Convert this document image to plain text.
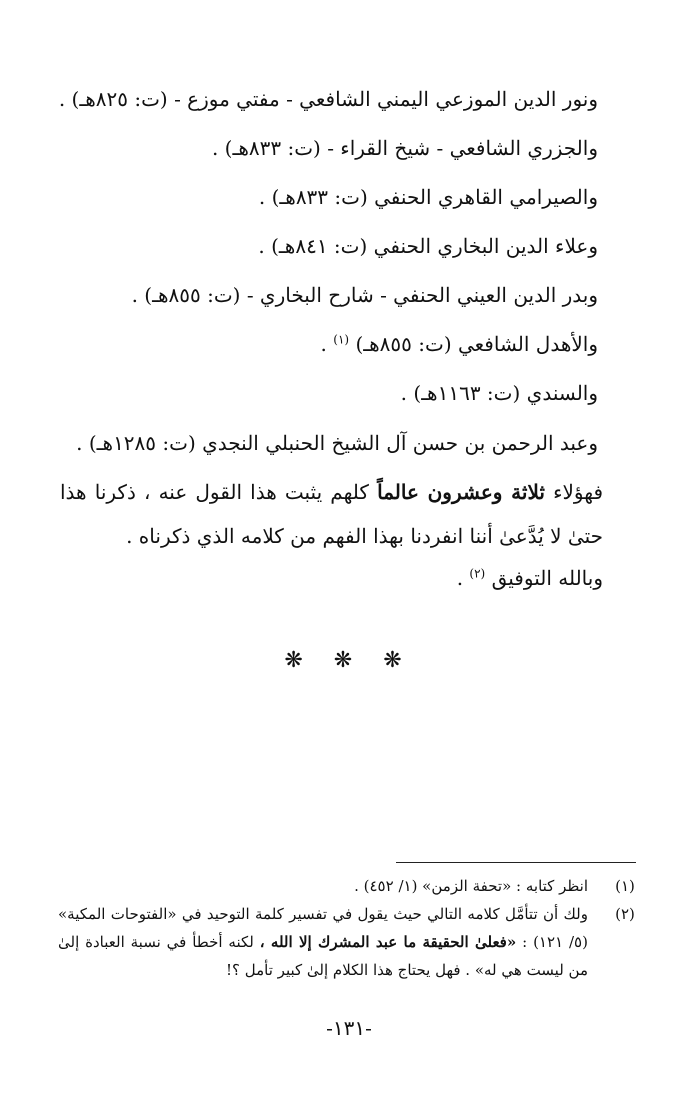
ونور الدين الموزعي اليمني الشافعي - مفتي موزع - (ت: ٨٢٥هـ) .
والجزري الشافعي - شيخ القراء - (ت: ٨٣٣هـ) .
والصيرامي القاهري الحنفي (ت: ٨٣٣هـ) .
وعلاء الدين البخاري الحنفي (ت: ٨٤١هـ) .
وبدر الدين العيني الحنفي - شارح البخاري - (ت: ٨٥٥هـ) .
والأهدل الشافعي (ت: ٨٥٥هـ) $^{(١)}$ .
والسندي (ت: ١١٦٣هـ) .
وعبد الرحمن بن حسن آل الشيخ الحنبلي النجدي (ت: ١٢٨٥هـ) .
فهؤلاء ثلاثة وعشرون عالماً كلهم يثبت هذا القول عنه ، ذكرنا هذا حتىٰ لا يُدَّعىٰ أننا انفردنا بهذا الفهم من كلامه الذي ذكرناه .
وبالله التوفيق $^{(٢)}$ .
❋ ❋ ❋
(١)
انظر كتابه : «تحفة الزمن» (١/ ٤٥٢) .
(٢)
ولك أن تتأمَّل كلامه التالي حيث يقول في تفسير كلمة التوحيد في «الفتوحات المكية» (٥/ ١٢١) : «فعلىٰ الحقيقة ما عبد المشرك إلا الله ، لكنه أخطأ في نسبة العبادة إلىٰ من ليست هي له» . فهل يحتاج هذا الكلام إلىٰ كبير تأمل ؟!
-١٣١-
